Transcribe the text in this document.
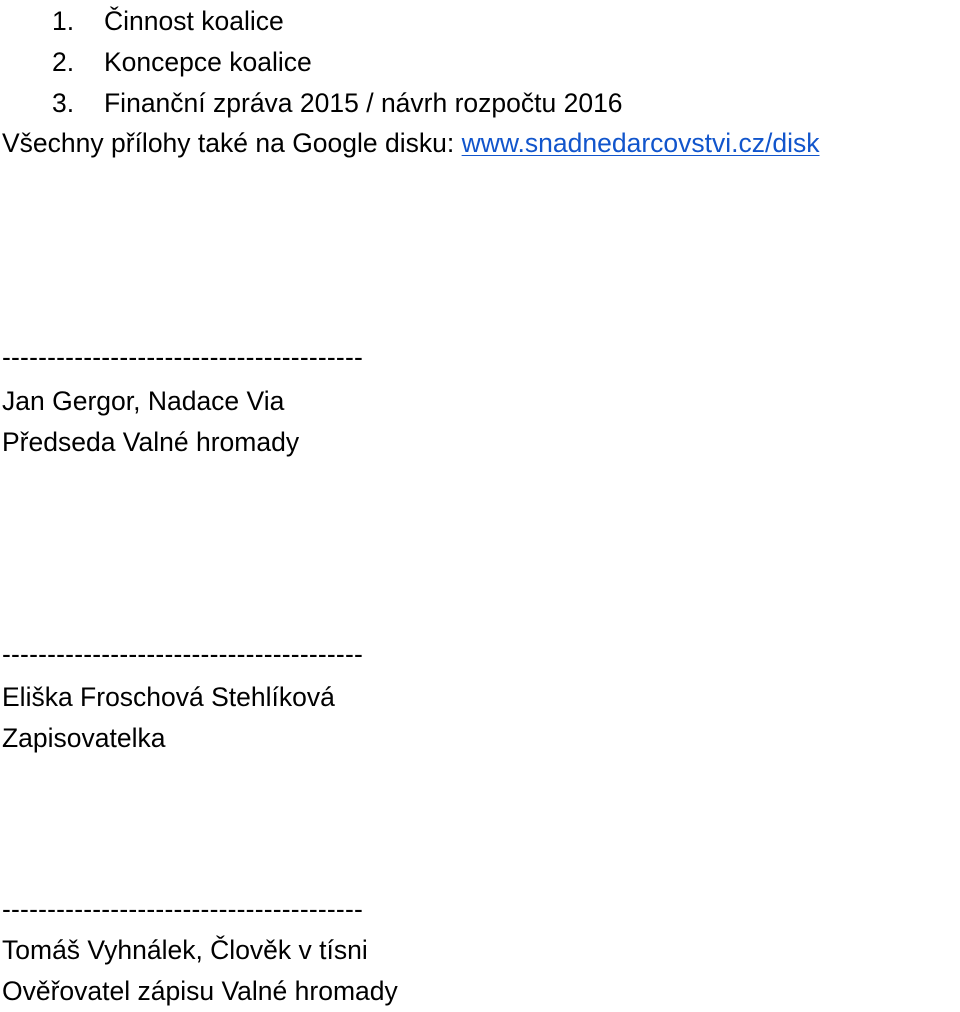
1. Činnost koalice
2. Koncepce koalice
3. Finanční zpráva 2015 / návrh rozpočtu 2016

Všechny přílohy také na Google disku: www.snadnedarcovstvi.cz/disk

----------------------------------------

Jan Gergor, Nadace Via

Předseda Valné hromady

----------------------------------------

Eliška Froschová Stehlíková

Zapisovatelka

----------------------------------------

Tomáš Vyhnálek, Člověk v tísni

Ověřovatel zápisu Valné hromady
